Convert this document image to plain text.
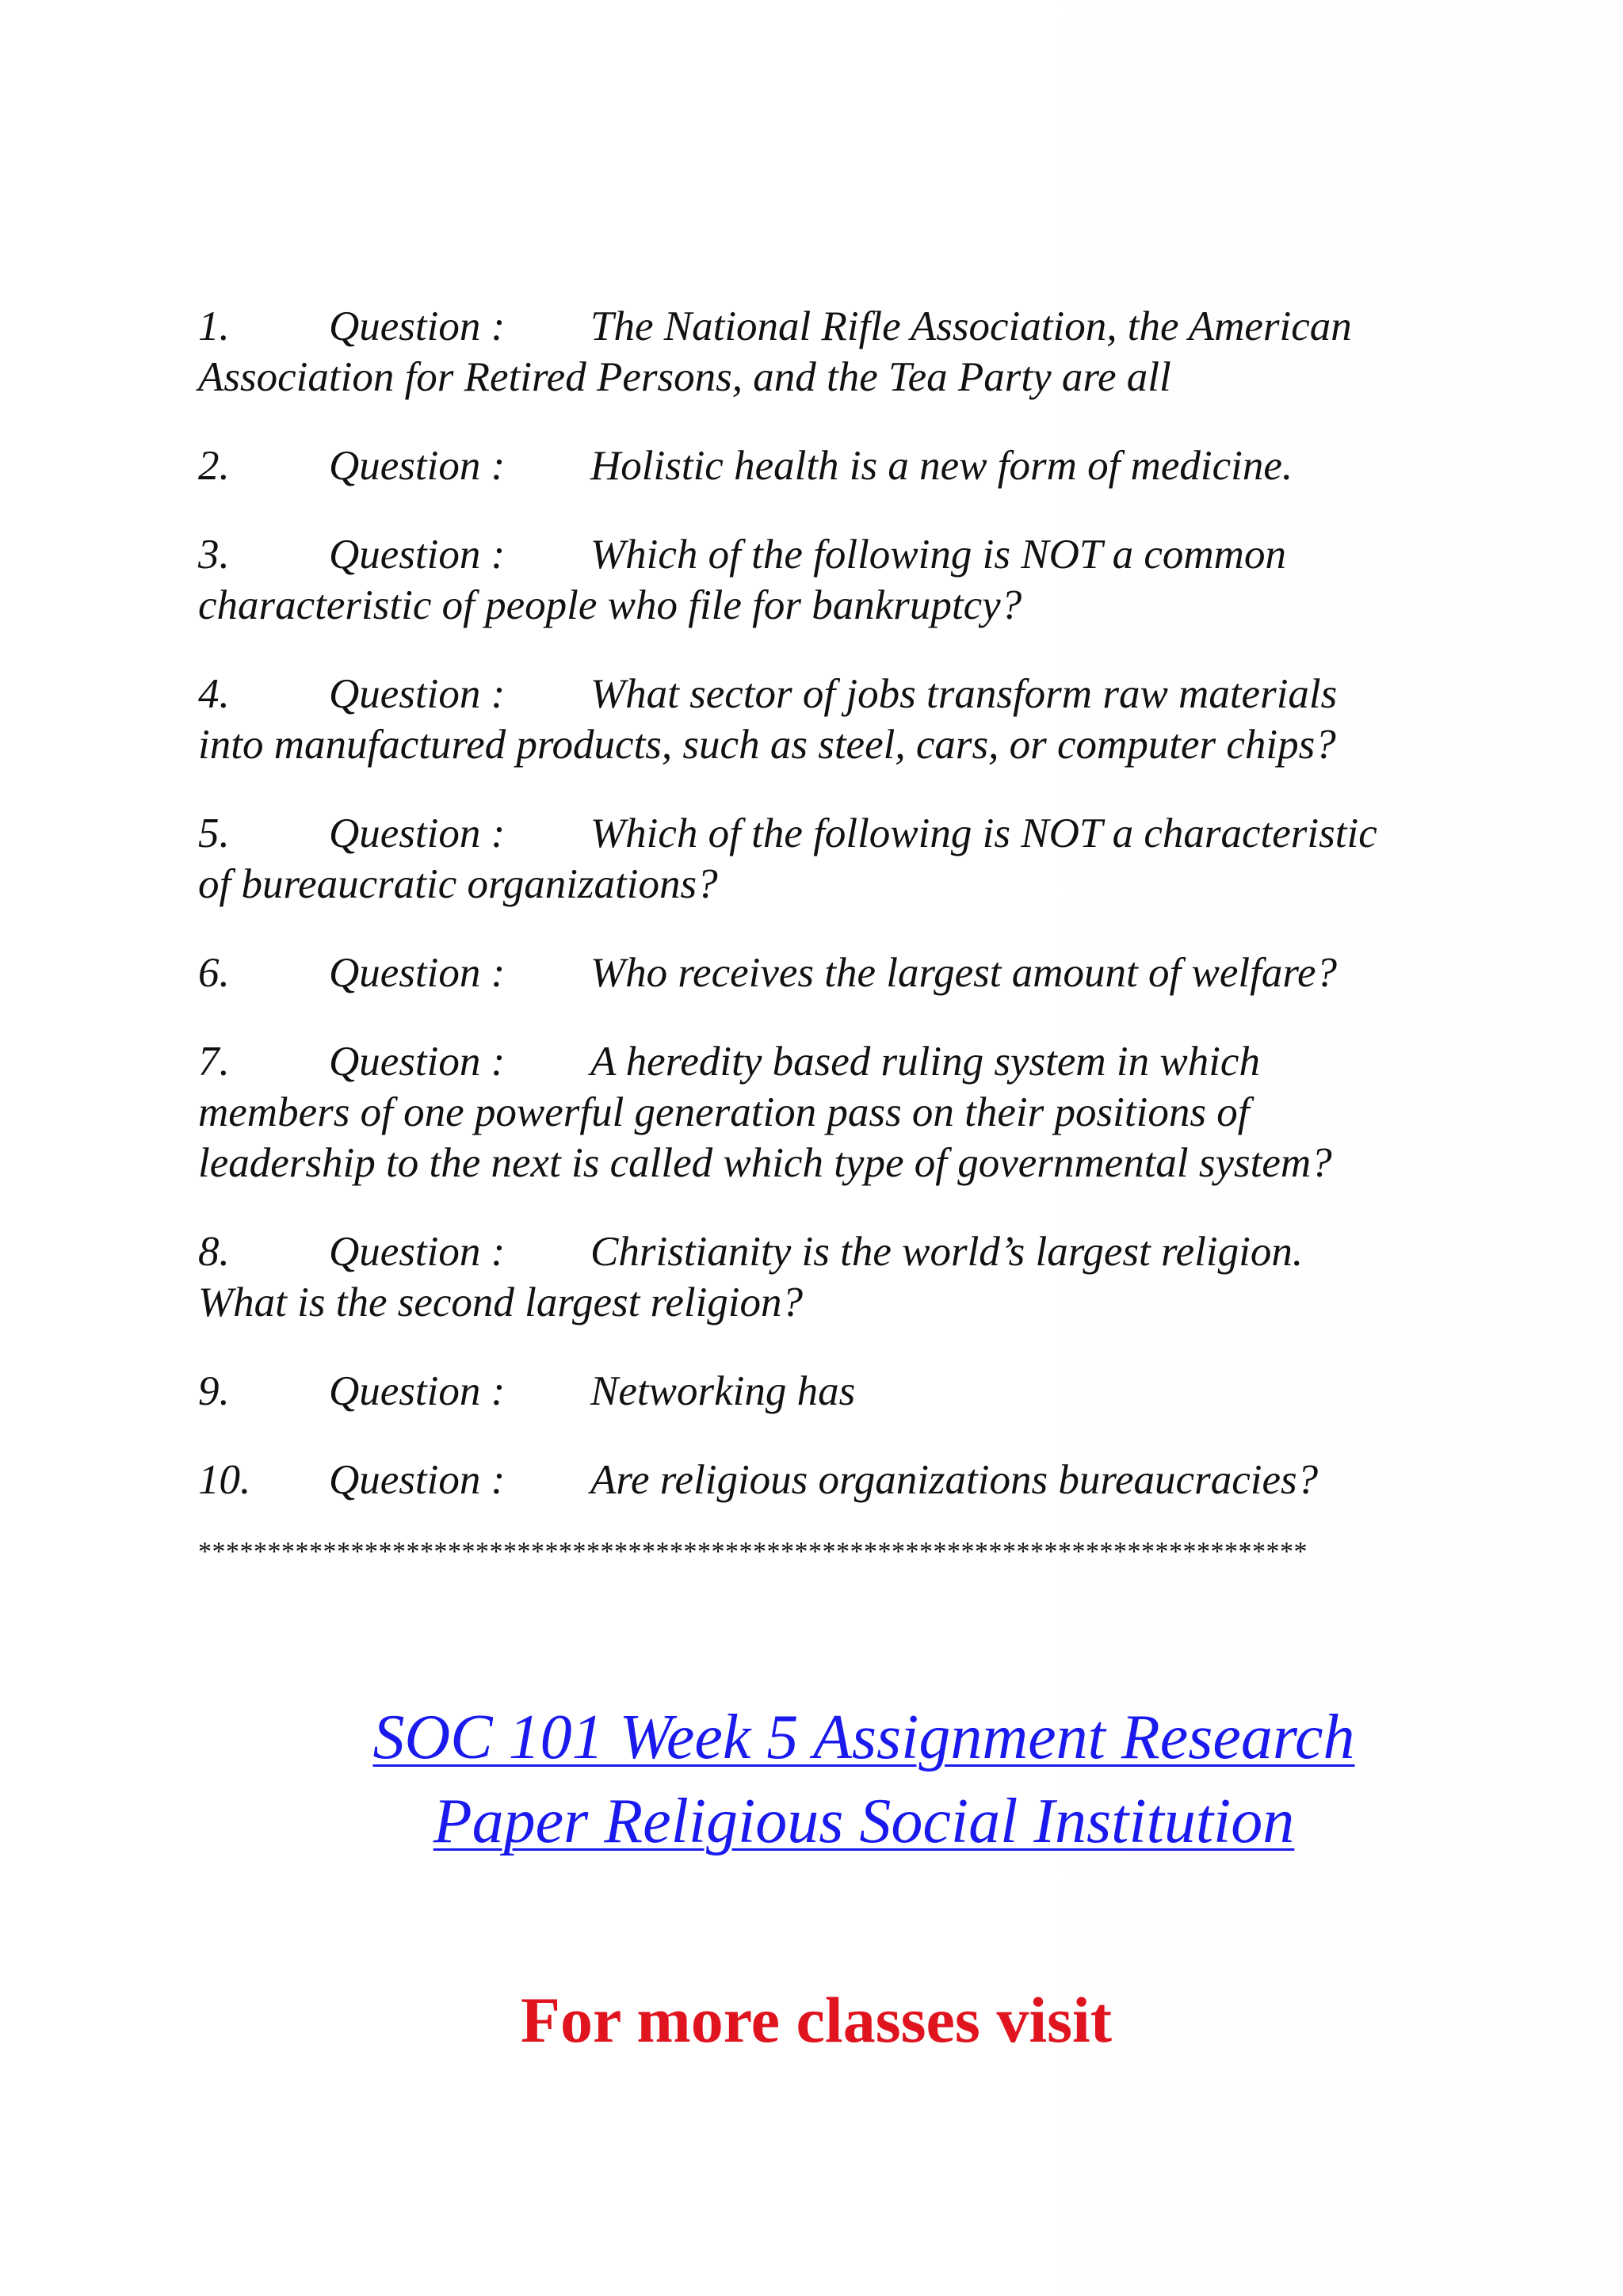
1. Question : The National Rifle Association, the American
Association for Retired Persons, and the Tea Party are all
2. Question : Holistic health is a new form of medicine.
3. Question : Which of the following is NOT a common
characteristic of people who file for bankruptcy?
4. Question : What sector of jobs transform raw materials
into manufactured products, such as steel, cars, or computer chips?
5. Question : Which of the following is NOT a characteristic
of bureaucratic organizations?
6. Question : Who receives the largest amount of welfare?
7. Question : A heredity based ruling system in which
members of one powerful generation pass on their positions of
leadership to the next is called which type of governmental system?
8. Question : Christianity is the world’s largest religion.
What is the second largest religion?
9. Question : Networking has
10. Question : Are religious organizations bureaucracies?
********************************************************************************
SOC 101 Week 5 Assignment Research
Paper Religious Social Institution
For more classes visit
